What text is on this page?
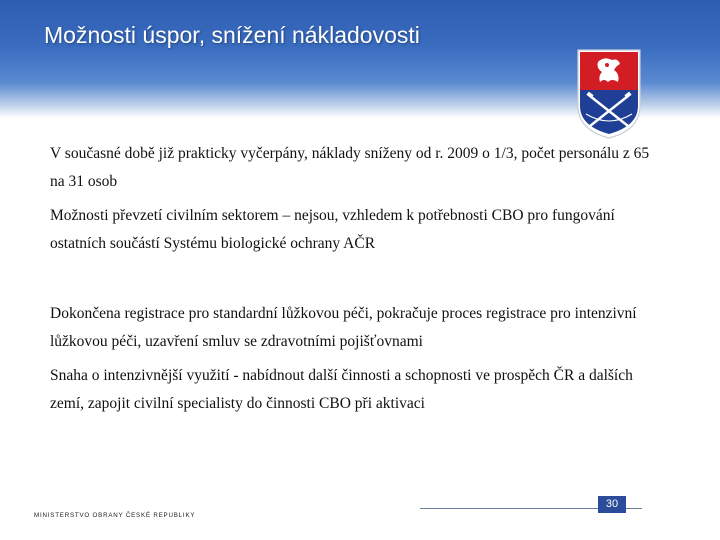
Možnosti úspor, snížení nákladovosti
V současné době již prakticky vyčerpány, náklady sníženy od r. 2009 o 1/3, počet personálu z 65 na 31 osob
Možnosti převzetí civilním sektorem – nejsou, vzhledem k potřebnosti CBO pro fungování ostatních součástí Systému biologické ochrany AČR
Dokončena registrace pro standardní lůžkovou péči, pokračuje proces registrace pro intenzivní lůžkovou péči, uzavření smluv se zdravotními pojišťovnami
Snaha o intenzivnější využití - nabídnout další činnosti a schopnosti ve prospěch ČR a dalších zemí, zapojit civilní specialisty do činnosti CBO při aktivaci
MINISTERSTVO OBRANY ČESKÉ REPUBLIKY
30
